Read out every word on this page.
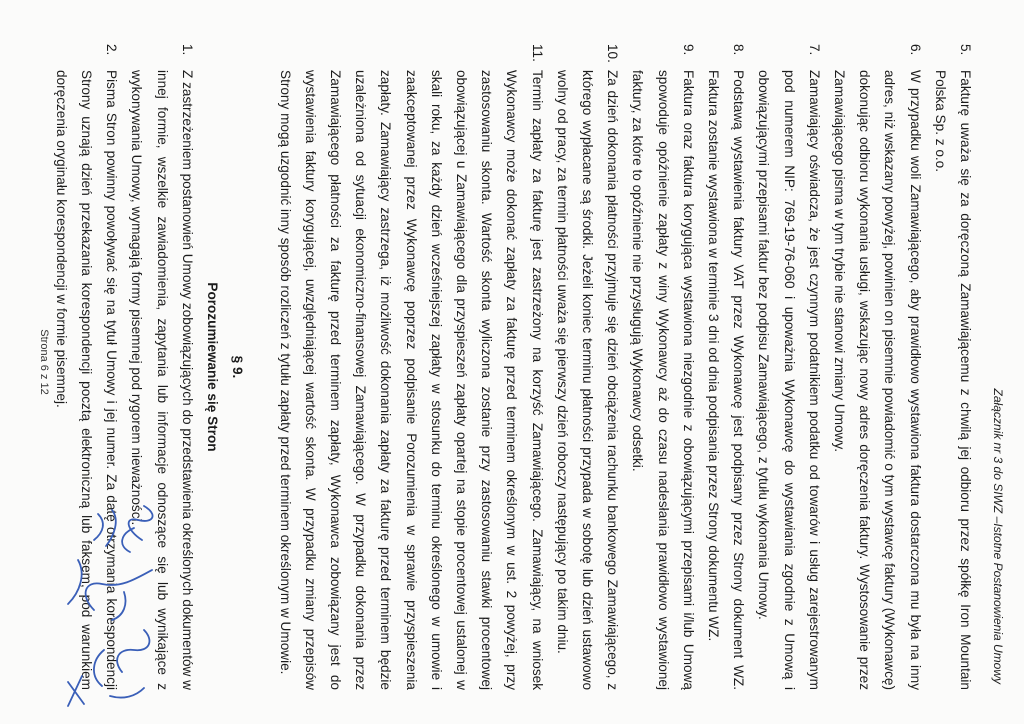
Załącznik nr 3 do SIWZ –Istotne Postanowienia Umowy
5.
Fakturę uważa się za doręczoną Zamawiającemu z chwilą jej odbioru przez spółkę Iron Mountain Polska Sp. z o.o.
6.
W przypadku woli Zamawiającego, aby prawidłowo wystawiona faktura dostarczona mu była na inny adres, niż wskazany powyżej, powinien on pisemnie powiadomić o tym wystawcę faktury (Wykonawcę) dokonując odbioru wykonania usługi, wskazując nowy adres doręczenia faktury. Wystosowanie przez Zamawiającego pisma w tym trybie nie stanowi zmiany Umowy.
7.
Zamawiający oświadcza, że jest czynnym podatnikiem podatku od towarów i usług zarejestrowanym pod numerem NIP: 769-19-76-060 i upoważnia Wykonawcę do wystawiania zgodnie z Umową i obowiązującymi przepisami faktur bez podpisu Zamawiającego, z tytułu wykonania Umowy.
8.
Podstawą wystawienia faktury VAT przez Wykonawcę jest podpisany przez Strony dokument WZ. Faktura zostanie wystawiona w terminie 3 dni od dnia podpisania przez Strony dokumentu WZ.
9.
Faktura oraz faktura korygująca wystawiona niezgodnie z obowiązującymi przepisami i/lub Umową spowoduje opóźnienie zapłaty z winy Wykonawcy aż do czasu nadesłania prawidłowo wystawionej faktury, za które to opóźnienie nie przysługują Wykonawcy odsetki.
10.
Za dzień dokonania płatności przyjmuje się dzień obciążenia rachunku bankowego Zamawiającego, z którego wypłacane są środki. Jeżeli koniec terminu płatności przypada w sobotę lub dzień ustawowo wolny od pracy, za termin płatności uważa się pierwszy dzień roboczy następujący po takim dniu.
11.
Termin zapłaty za fakturę jest zastrzeżony na korzyść Zamawiającego. Zamawiający, na wniosek Wykonawcy może dokonać zapłaty za fakturę przed terminem określonym w ust. 2 powyżej, przy zastosowaniu skonta. Wartość skonta wyliczona zostanie przy zastosowaniu stawki procentowej obowiązującej u Zamawiającego dla przyspieszeń zapłaty opartej na stopie procentowej ustalonej w skali roku, za każdy dzień wcześniejszej zapłaty w stosunku do terminu określonego w umowie i zaakceptowanej przez Wykonawcę poprzez podpisanie Porozumienia w sprawie przyspieszenia zapłaty. Zamawiający zastrzega, iż możliwość dokonania zapłaty za fakturę przed terminem będzie uzależniona od sytuacji ekonomiczno-finansowej Zamawiającego. W przypadku dokonania przez Zamawiającego płatności za fakturę przed terminem zapłaty, Wykonawca zobowiązany jest do wystawienia faktury korygującej, uwzględniającej wartość skonta. W przypadku zmiany przepisów Strony mogą uzgodnić inny sposób rozliczeń z tytułu zapłaty przed terminem określonym w Umowie.
§ 9.
Porozumiewanie się Stron
1.
Z zastrzeżeniem postanowień Umowy zobowiązujących do przedstawienia określonych dokumentów w innej formie, wszelkie zawiadomienia, zapytania lub informacje odnoszące się lub wynikające z wykonywania Umowy, wymagają formy pisemnej pod rygorem nieważności.
2.
Pisma Stron powinny powoływać się na tytuł Umowy i jej numer. Za datę otrzymania korespondencji Strony uznają dzień przekazania korespondencji pocztą elektroniczną lub faksem, pod warunkiem doręczenia oryginału korespondencji w formie pisemnej.
Strona 6 z 12
